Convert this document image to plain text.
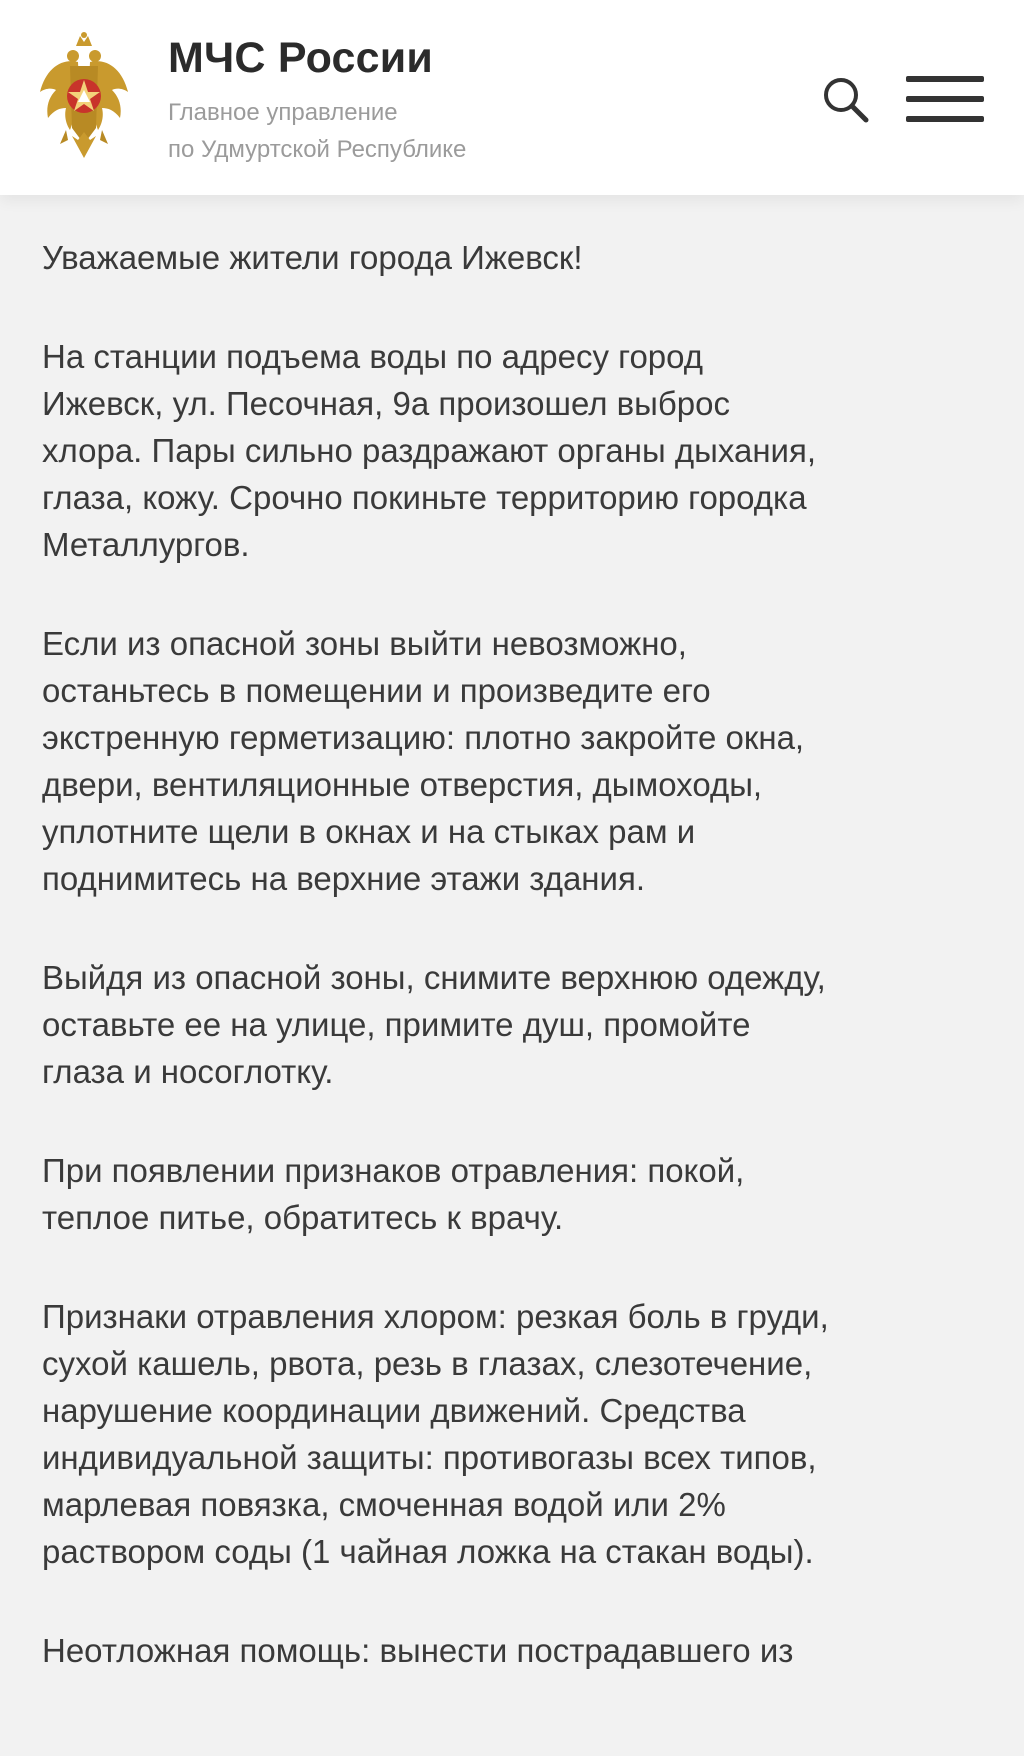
МЧС России
Главное управление
по Удмуртской Республике

Уважаемые жители города Ижевск!

На станции подъема воды по адресу город
Ижевск, ул. Песочная, 9а произошел выброс
хлора. Пары сильно раздражают органы дыхания,
глаза, кожу. Срочно покиньте территорию городка
Металлургов.

Если из опасной зоны выйти невозможно,
останьтесь в помещении и произведите его
экстренную герметизацию: плотно закройте окна,
двери, вентиляционные отверстия, дымоходы,
уплотните щели в окнах и на стыках рам и
поднимитесь на верхние этажи здания.

Выйдя из опасной зоны, снимите верхнюю одежду,
оставьте ее на улице, примите душ, промойте
глаза и носоглотку.

При появлении признаков отравления: покой,
теплое питье, обратитесь к врачу.

Признаки отравления хлором: резкая боль в груди,
сухой кашель, рвота, резь в глазах, слезотечение,
нарушение координации движений. Средства
индивидуальной защиты: противогазы всех типов,
марлевая повязка, смоченная водой или 2%
раствором соды (1 чайная ложка на стакан воды).

Неотложная помощь: вынести пострадавшего из
